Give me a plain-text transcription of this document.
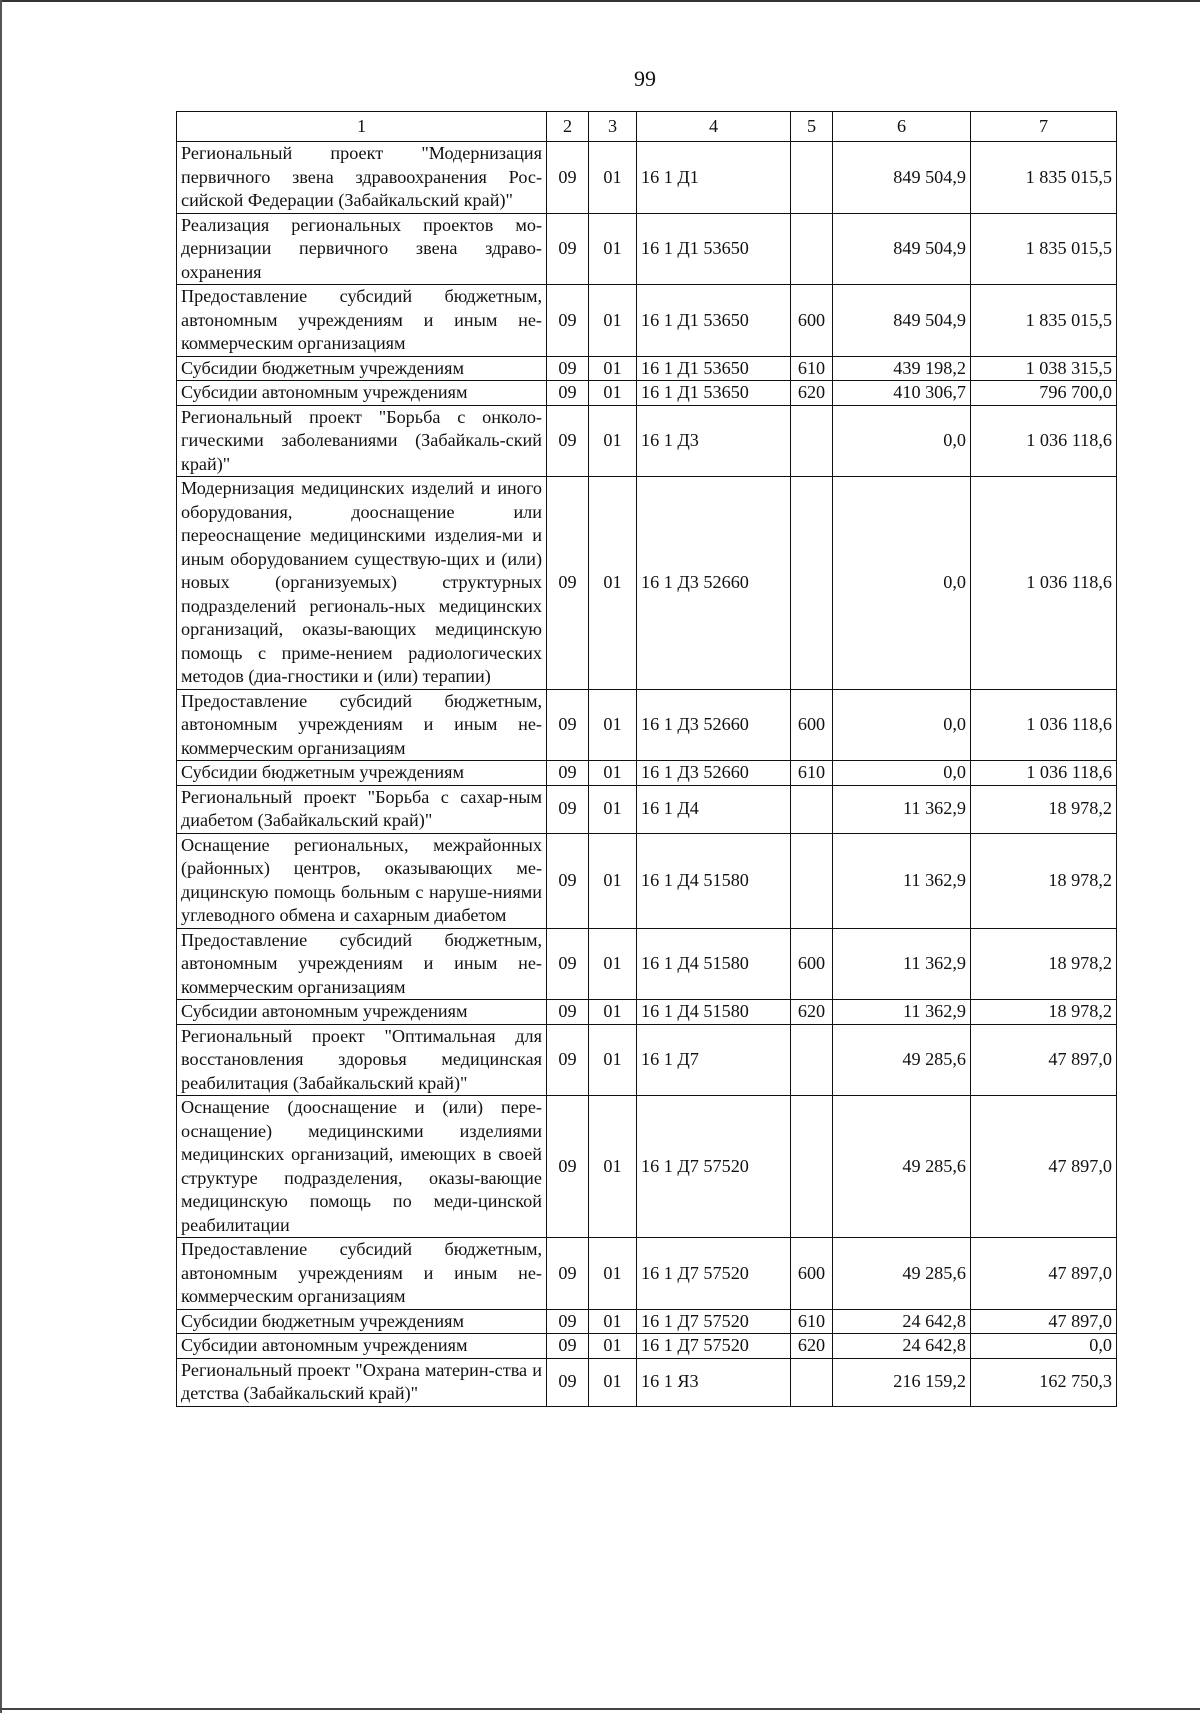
99
1	2	3	4	5	6	7
Региональный проект "Модернизация первичного звена здравоохранения Рос-сийской Федерации (Забайкальский край)"	09	01	16 1 Д1		849 504,9	1 835 015,5
Реализация региональных проектов мо-дернизации первичного звена здраво-охранения	09	01	16 1 Д1 53650		849 504,9	1 835 015,5
Предоставление субсидий бюджетным, автономным учреждениям и иным не-коммерческим организациям	09	01	16 1 Д1 53650	600	849 504,9	1 835 015,5
Субсидии бюджетным учреждениям	09	01	16 1 Д1 53650	610	439 198,2	1 038 315,5
Субсидии автономным учреждениям	09	01	16 1 Д1 53650	620	410 306,7	796 700,0
Региональный проект "Борьба с онколо-гическими заболеваниями (Забайкаль-ский край)"	09	01	16 1 Д3		0,0	1 036 118,6
Модернизация медицинских изделий и иного оборудования, дооснащение или переоснащение медицинскими изделия-ми и иным оборудованием существую-щих и (или) новых (организуемых) структурных подразделений региональ-ных медицинских организаций, оказы-вающих медицинскую помощь с приме-нением радиологических методов (диа-гностики и (или) терапии)	09	01	16 1 Д3 52660		0,0	1 036 118,6
Предоставление субсидий бюджетным, автономным учреждениям и иным не-коммерческим организациям	09	01	16 1 Д3 52660	600	0,0	1 036 118,6
Субсидии бюджетным учреждениям	09	01	16 1 Д3 52660	610	0,0	1 036 118,6
Региональный проект "Борьба с сахар-ным диабетом (Забайкальский край)"	09	01	16 1 Д4		11 362,9	18 978,2
Оснащение региональных, межрайонных (районных) центров, оказывающих ме-дицинскую помощь больным с наруше-ниями углеводного обмена и сахарным диабетом	09	01	16 1 Д4 51580		11 362,9	18 978,2
Предоставление субсидий бюджетным, автономным учреждениям и иным не-коммерческим организациям	09	01	16 1 Д4 51580	600	11 362,9	18 978,2
Субсидии автономным учреждениям	09	01	16 1 Д4 51580	620	11 362,9	18 978,2
Региональный проект "Оптимальная для восстановления здоровья медицинская реабилитация (Забайкальский край)"	09	01	16 1 Д7		49 285,6	47 897,0
Оснащение (дооснащение и (или) пере-оснащение) медицинскими изделиями медицинских организаций, имеющих в своей структуре подразделения, оказы-вающие медицинскую помощь по меди-цинской реабилитации	09	01	16 1 Д7 57520		49 285,6	47 897,0
Предоставление субсидий бюджетным, автономным учреждениям и иным не-коммерческим организациям	09	01	16 1 Д7 57520	600	49 285,6	47 897,0
Субсидии бюджетным учреждениям	09	01	16 1 Д7 57520	610	24 642,8	47 897,0
Субсидии автономным учреждениям	09	01	16 1 Д7 57520	620	24 642,8	0,0
Региональный проект "Охрана материн-ства и детства (Забайкальский край)"	09	01	16 1 Я3		216 159,2	162 750,3
